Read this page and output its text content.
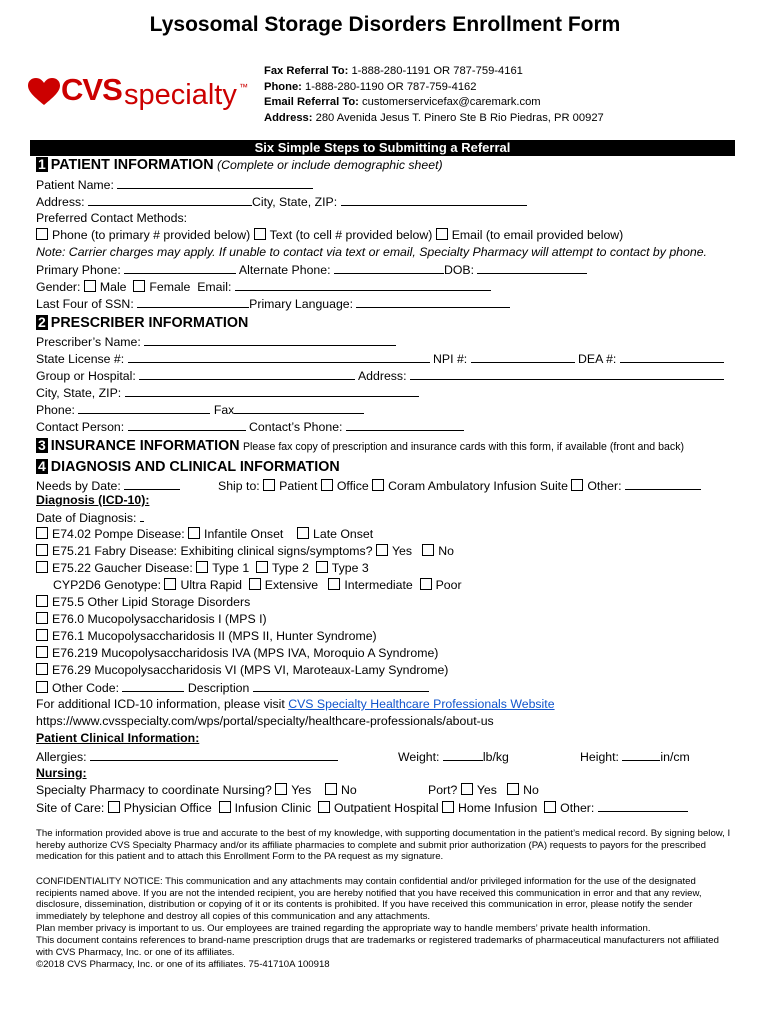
Lysosomal Storage Disorders Enrollment Form
CVS specialty ™
Fax Referral To: 1-888-280-1191 OR 787-759-4161
Phone: 1-888-280-1190 OR 787-759-4162
Email Referral To: customerservicefax@caremark.com
Address: 280 Avenida Jesus T. Pinero Ste B Rio Piedras, PR 00927
Six Simple Steps to Submitting a Referral
1 PATIENT INFORMATION (Complete or include demographic sheet)
Patient Name:
Address:	City, State, ZIP:
Preferred Contact Methods:
Phone (to primary # provided below) Text (to cell # provided below) Email (to email provided below)
Note: Carrier charges may apply. If unable to contact via text or email, Specialty Pharmacy will attempt to contact by phone.
Primary Phone:	Alternate Phone:	DOB:
Gender: Male Female Email:
Last Four of SSN:	Primary Language:
2 PRESCRIBER INFORMATION
Prescriber’s Name:
State License #:	NPI #:	DEA #:
Group or Hospital:	Address:
City, State, ZIP:
Phone:	Fax
Contact Person:	Contact’s Phone:
3 INSURANCE INFORMATION Please fax copy of prescription and insurance cards with this form, if available (front and back)
4 DIAGNOSIS AND CLINICAL INFORMATION
Needs by Date:	Ship to: Patient Office Coram Ambulatory Infusion Suite Other:
Diagnosis (ICD-10):
Date of Diagnosis:
E74.02 Pompe Disease: Infantile Onset Late Onset
E75.21 Fabry Disease: Exhibiting clinical signs/symptoms? Yes No
E75.22 Gaucher Disease: Type 1 Type 2 Type 3
CYP2D6 Genotype: Ultra Rapid Extensive Intermediate Poor
E75.5 Other Lipid Storage Disorders
E76.0 Mucopolysaccharidosis I (MPS I)
E76.1 Mucopolysaccharidosis II (MPS II, Hunter Syndrome)
E76.219 Mucopolysaccharidosis IVA (MPS IVA, Moroquio A Syndrome)
E76.29 Mucopolysaccharidosis VI (MPS VI, Maroteaux-Lamy Syndrome)
Other Code:	Description
For additional ICD-10 information, please visit CVS Specialty Healthcare Professionals Website
https://www.cvsspecialty.com/wps/portal/specialty/healthcare-professionals/about-us
Patient Clinical Information:
Allergies:	Weight:	lb/kg	Height:	in/cm
Nursing:
Specialty Pharmacy to coordinate Nursing? Yes No	Port? Yes No
Site of Care: Physician Office Infusion Clinic Outpatient Hospital Home Infusion Other:
The information provided above is true and accurate to the best of my knowledge, with supporting documentation in the patient’s medical record. By signing below, I hereby authorize CVS Specialty Pharmacy and/or its affiliate pharmacies to complete and submit prior authorization (PA) requests to payors for the prescribed medication for this patient and to attach this Enrollment Form to the PA request as my signature.
CONFIDENTIALITY NOTICE: This communication and any attachments may contain confidential and/or privileged information for the use of the designated recipients named above. If you are not the intended recipient, you are hereby notified that you have received this communication in error and that any review, disclosure, dissemination, distribution or copying of it or its contents is prohibited. If you have received this communication in error, please notify the sender immediately by telephone and destroy all copies of this communication and any attachments.
Plan member privacy is important to us. Our employees are trained regarding the appropriate way to handle members’ private health information.
This document contains references to brand-name prescription drugs that are trademarks or registered trademarks of pharmaceutical manufacturers not affiliated with CVS Pharmacy, Inc. or one of its affiliates.
©2018 CVS Pharmacy, Inc. or one of its affiliates. 75-41710A 100918
